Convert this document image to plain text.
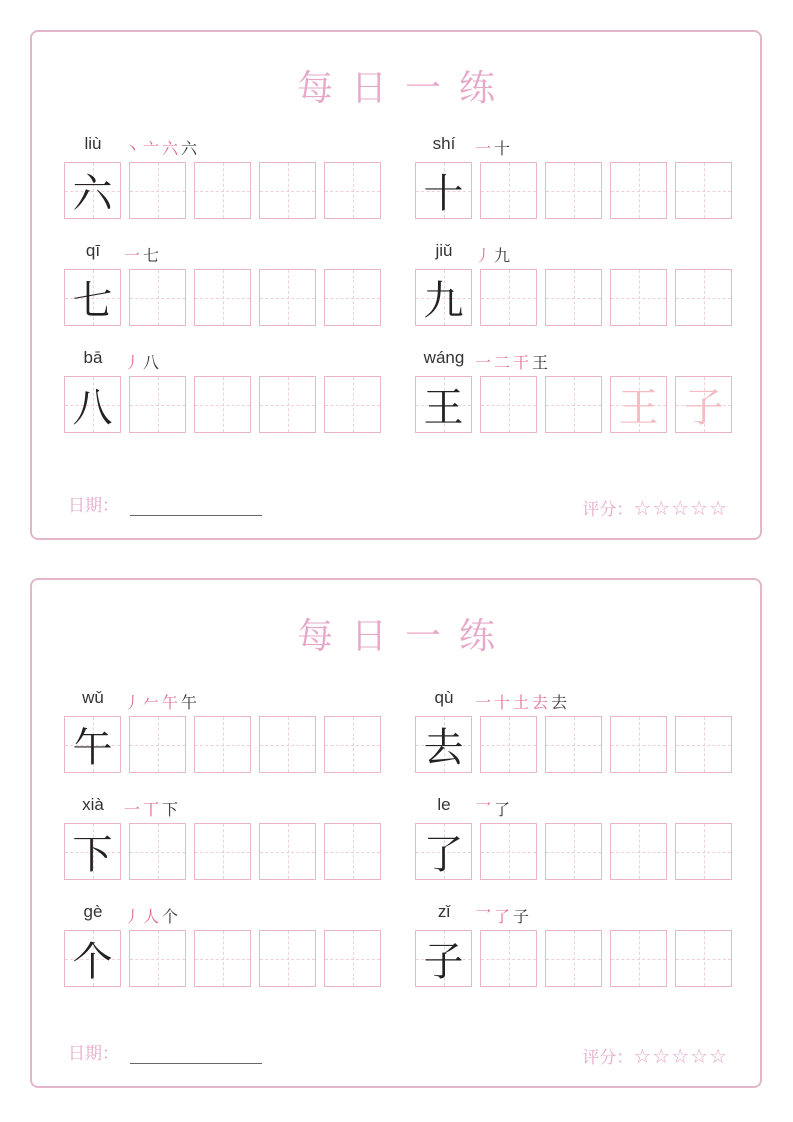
每日一练
liù	丶 亠 六 六
六
shí	一 十
十
qī	一 七
七
jiǔ	丿 九
九
bā	丿 八
八
wáng 一 二 干 王
王	王 子
日期：	评分：☆☆☆☆☆
每日一练
wǔ	丿 𠂉 午 午
午
qù	一 十 土 去 去
去
xià	一 丅 下
下
le	乛 了
了
gè	丿 人 个
个
zǐ	乛 了 子
子
日期：	评分：☆☆☆☆☆
